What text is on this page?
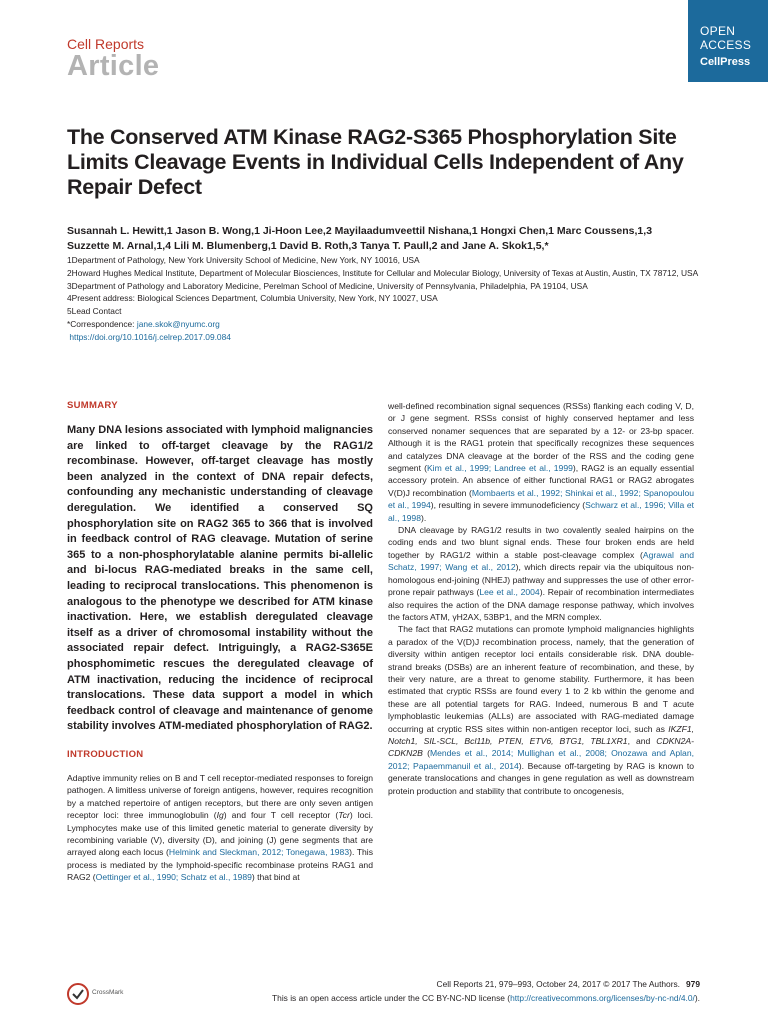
Cell Reports
Article
OPEN
ACCESS
CellPress
The Conserved ATM Kinase RAG2-S365 Phosphorylation Site Limits Cleavage Events in Individual Cells Independent of Any Repair Defect
Susannah L. Hewitt,1 Jason B. Wong,1 Ji-Hoon Lee,2 Mayilaadumveettil Nishana,1 Hongxi Chen,1 Marc Coussens,1,3 Suzzette M. Arnal,1,4 Lili M. Blumenberg,1 David B. Roth,3 Tanya T. Paull,2 and Jane A. Skok1,5,*
1Department of Pathology, New York University School of Medicine, New York, NY 10016, USA
2Howard Hughes Medical Institute, Department of Molecular Biosciences, Institute for Cellular and Molecular Biology, University of Texas at Austin, Austin, TX 78712, USA
3Department of Pathology and Laboratory Medicine, Perelman School of Medicine, University of Pennsylvania, Philadelphia, PA 19104, USA
4Present address: Biological Sciences Department, Columbia University, New York, NY 10027, USA
5Lead Contact
*Correspondence: jane.skok@nyumc.org
https://doi.org/10.1016/j.celrep.2017.09.084
SUMMARY
Many DNA lesions associated with lymphoid malignancies are linked to off-target cleavage by the RAG1/2 recombinase. However, off-target cleavage has mostly been analyzed in the context of DNA repair defects, confounding any mechanistic understanding of cleavage deregulation. We identified a conserved SQ phosphorylation site on RAG2 365 to 366 that is involved in feedback control of RAG cleavage. Mutation of serine 365 to a non-phosphorylatable alanine permits bi-allelic and bi-locus RAG-mediated breaks in the same cell, leading to reciprocal translocations. This phenomenon is analogous to the phenotype we described for ATM kinase inactivation. Here, we establish deregulated cleavage itself as a driver of chromosomal instability without the associated repair defect. Intriguingly, a RAG2-S365E phosphomimetic rescues the deregulated cleavage of ATM inactivation, reducing the incidence of reciprocal translocations. These data support a model in which feedback control of cleavage and maintenance of genome stability involves ATM-mediated phosphorylation of RAG2.
INTRODUCTION

Adaptive immunity relies on B and T cell receptor-mediated responses to foreign pathogen. A limitless universe of foreign antigens, however, requires recognition by a matched repertoire of antigen receptors, but there are only seven antigen receptor loci: three immunoglobulin (Ig) and four T cell receptor (Tcr) loci. Lymphocytes make use of this limited genetic material to generate diversity by recombining variable (V), diversity (D), and joining (J) gene segments that are arrayed along each locus (Helmink and Sleckman, 2012; Tonegawa, 1983). This process is mediated by the lymphoid-specific recombinase proteins RAG1 and RAG2 (Oettinger et al., 1990; Schatz et al., 1989) that bind at

well-defined recombination signal sequences (RSSs) flanking each coding V, D, or J gene segment. RSSs consist of highly conserved heptamer and less conserved nonamer sequences that are separated by a 12- or 23-bp spacer. Although it is the RAG1 protein that specifically recognizes these sequences and catalyzes DNA cleavage at the border of the RSS and the coding gene segment (Kim et al., 1999; Landree et al., 1999), RAG2 is an equally essential accessory protein. An absence of either functional RAG1 or RAG2 abrogates V(D)J recombination (Mombaerts et al., 1992; Shinkai et al., 1992; Spanopoulou et al., 1994), resulting in severe immunodeficiency (Schwarz et al., 1996; Villa et al., 1998).

DNA cleavage by RAG1/2 results in two covalently sealed hairpins on the coding ends and two blunt signal ends. These four broken ends are held together by RAG1/2 within a stable post-cleavage complex (Agrawal and Schatz, 1997; Wang et al., 2012), which directs repair via the ubiquitous non-homologous end-joining (NHEJ) pathway and suppresses the use of other error-prone repair pathways (Lee et al., 2004). Repair of recombination intermediates also requires the action of the DNA damage response pathway, which involves the factors ATM, γH2AX, 53BP1, and the MRN complex.

The fact that RAG2 mutations can promote lymphoid malignancies highlights a paradox of the V(D)J recombination process, namely, that the generation of diversity within antigen receptor loci entails considerable risk. DNA double-strand breaks (DSBs) are an inherent feature of recombination, and these, by their very nature, are a threat to genome stability. Furthermore, it has been estimated that cryptic RSSs are found every 1 to 2 kb within the genome and these are all potential targets for RAG. Indeed, numerous B and T acute lymphoblastic leukemias (ALLs) are associated with RAG-mediated damage occurring at cryptic RSS sites within non-antigen receptor loci, such as IKZF1, Notch1, SIL-SCL, Bcl11b, PTEN, ETV6, BTG1, TBL1XR1, and CDKN2A-CDKN2B (Mendes et al., 2014; Mullighan et al., 2008; Onozawa and Aplan, 2012; Papaemmanuil et al., 2014). Because off-targeting by RAG is known to generate translocations and changes in gene regulation as well as downstream protein production and stability that contribute to oncogenesis,

CrossMark
Cell Reports 21, 979–993, October 24, 2017 © 2017 The Authors. 979
This is an open access article under the CC BY-NC-ND license (http://creativecommons.org/licenses/by-nc-nd/4.0/).
